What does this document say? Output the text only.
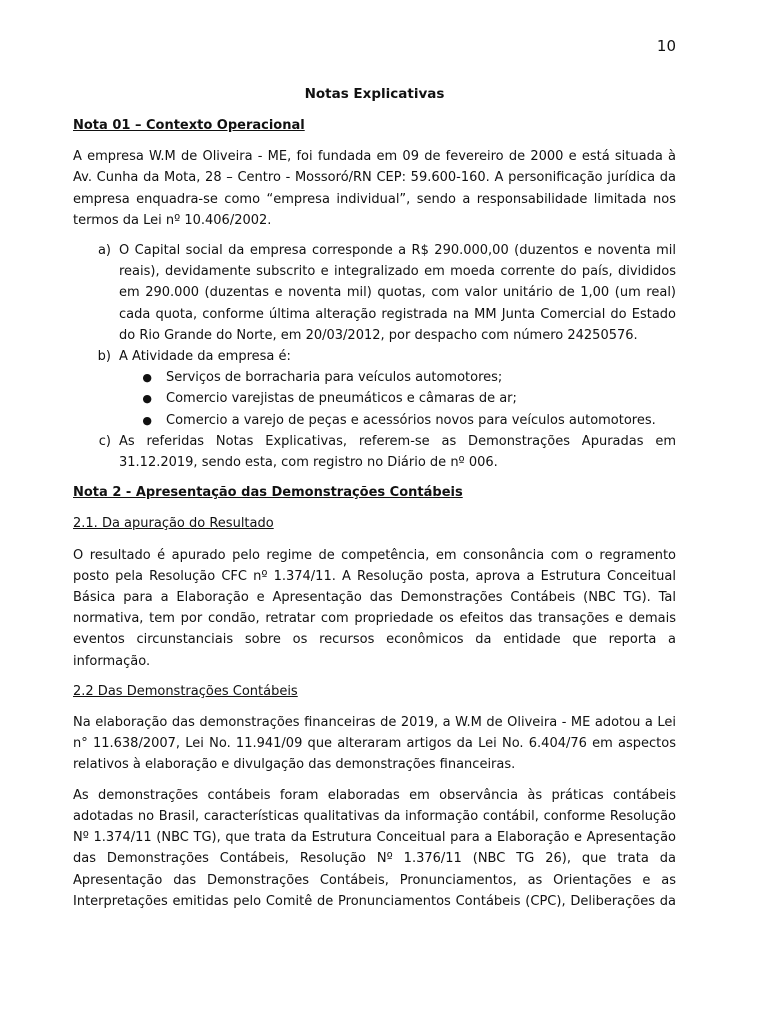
10
Notas Explicativas
Nota 01 – Contexto Operacional

A empresa W.M de Oliveira - ME, foi fundada em 09 de fevereiro de 2000 e está situada à Av. Cunha da Mota, 28 – Centro - Mossoró/RN CEP: 59.600-160. A personificação jurídica da empresa enquadra-se como “empresa individual”, sendo a responsabilidade limitada nos termos da Lei nº 10.406/2002.

a) O Capital social da empresa corresponde a R$ 290.000,00 (duzentos e noventa mil reais), devidamente subscrito e integralizado em moeda corrente do país, divididos em 290.000 (duzentas e noventa mil) quotas, com valor unitário de 1,00 (um real) cada quota, conforme última alteração registrada na MM Junta Comercial do Estado do Rio Grande do Norte, em 20/03/2012, por despacho com número 24250576.
b) A Atividade da empresa é:
●	Serviços de borracharia para veículos automotores;
●	Comercio varejistas de pneumáticos e câmaras de ar;
●	Comercio a varejo de peças e acessórios novos para veículos automotores.
c) As referidas Notas Explicativas, referem-se as Demonstrações Apuradas em 31.12.2019, sendo esta, com registro no Diário de nº 006.
Nota 2 - Apresentação das Demonstrações Contábeis
2.1. Da apuração do Resultado

O resultado é apurado pelo regime de competência, em consonância com o regramento posto pela Resolução CFC nº 1.374/11. A Resolução posta, aprova a Estrutura Conceitual Básica para a Elaboração e Apresentação das Demonstrações Contábeis (NBC TG). Tal normativa, tem por condão, retratar com propriedade os efeitos das transações e demais eventos circunstanciais sobre os recursos econômicos da entidade que reporta a informação.

2.2 Das Demonstrações Contábeis

Na elaboração das demonstrações financeiras de 2019, a W.M de Oliveira - ME adotou a Lei n° 11.638/2007, Lei No. 11.941/09 que alteraram artigos da Lei No. 6.404/76 em aspectos relativos à elaboração e divulgação das demonstrações financeiras.

As demonstrações contábeis foram elaboradas em observância às práticas contábeis adotadas no Brasil, características qualitativas da informação contábil, conforme Resolução Nº 1.374/11 (NBC TG), que trata da Estrutura Conceitual para a Elaboração e Apresentação das Demonstrações Contábeis, Resolução Nº 1.376/11 (NBC TG 26), que trata da Apresentação das Demonstrações Contábeis, Pronunciamentos, as Orientações e as Interpretações emitidas pelo Comitê de Pronunciamentos Contábeis (CPC), Deliberações da
